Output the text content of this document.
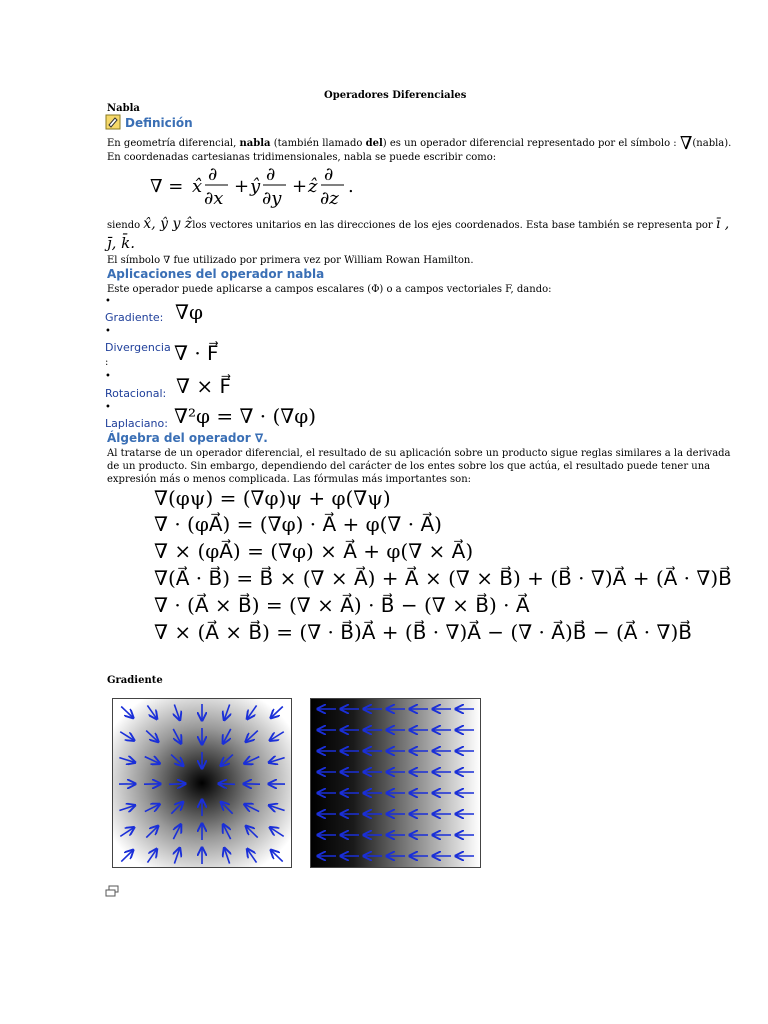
Operadores Diferenciales
Nabla
Definición
En geometría diferencial, nabla (también llamado del) es un operador diferencial representado por el símbolo : ∇(nabla).
En coordenadas cartesianas tridimensionales, nabla se puede escribir como:
∇ = x̂
∂
∂x
+ ŷ
∂
∂y
+ ẑ
∂
∂z
.
siendo x̂, ŷ y ẑlos vectores unitarios en las direcciones de los ejes coordenados. Esta base también se representa por ī ,
j̄, k̄.
El símbolo ∇ fue utilizado por primera vez por William Rowan Hamilton.
Aplicaciones del operador nabla
Este operador puede aplicarse a campos escalares (Φ) o a campos vectoriales F, dando:
•
Gradiente: ∇φ
•
Divergencia ∇ · F⃗
:
•
Rotacional: ∇ × F⃗
•
Laplaciano: ∇²φ = ∇ · (∇φ)
Álgebra del operador ∇.
Al tratarse de un operador diferencial, el resultado de su aplicación sobre un producto sigue reglas similares a la derivada
de un producto. Sin embargo, dependiendo del carácter de los entes sobre los que actúa, el resultado puede tener una
expresión más o menos complicada. Las fórmulas más importantes son:
∇(φψ) = (∇φ)ψ + φ(∇ψ)
∇ · (φA⃗) = (∇φ) · A⃗ + φ(∇ · A⃗)
∇ × (φA⃗) = (∇φ) × A⃗ + φ(∇ × A⃗)
∇(A⃗ · B⃗) = B⃗ × (∇ × A⃗) + A⃗ × (∇ × B⃗) + (B⃗ · ∇)A⃗ + (A⃗ · ∇)B⃗
∇ · (A⃗ × B⃗) = (∇ × A⃗) · B⃗ − (∇ × B⃗) · A⃗
∇ × (A⃗ × B⃗) = (∇ · B⃗)A⃗ + (B⃗ · ∇)A⃗ − (∇ · A⃗)B⃗ − (A⃗ · ∇)B⃗
Gradiente
